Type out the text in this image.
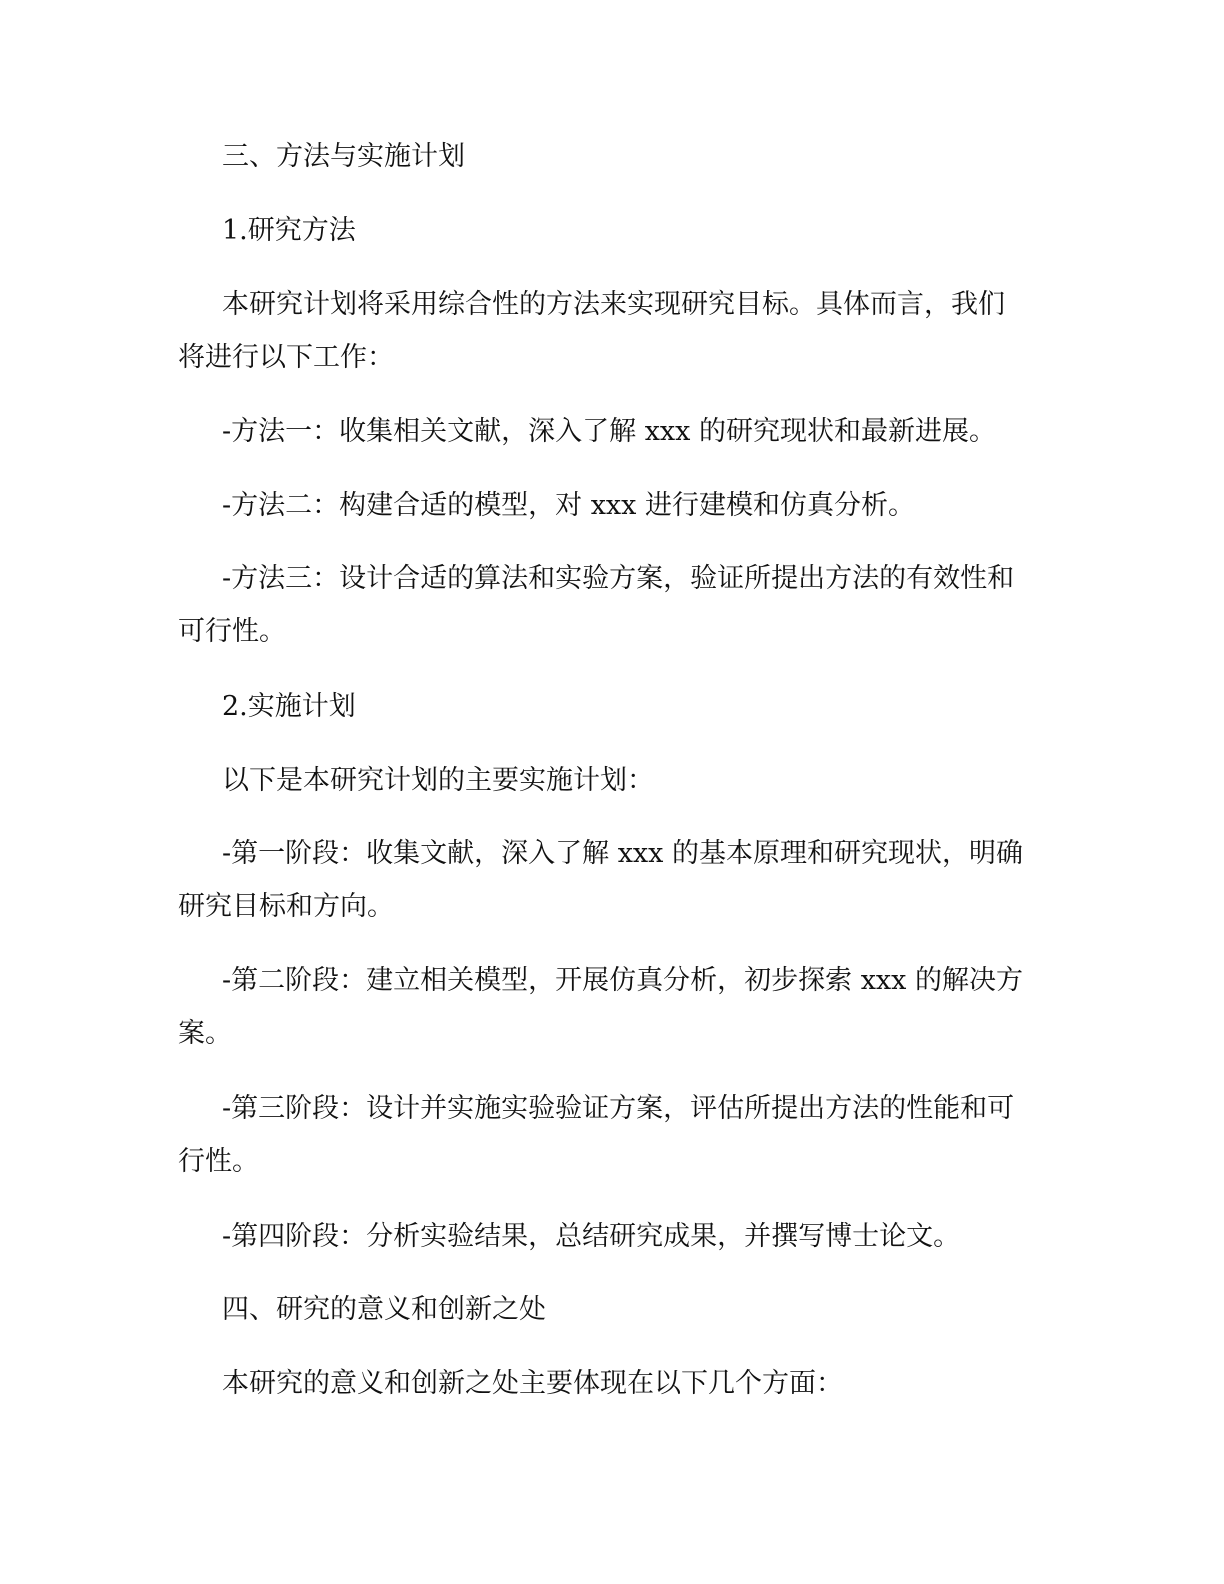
三、方法与实施计划

1.研究方法

本研究计划将采用综合性的方法来实现研究目标。具体而言，我们将进行以下工作：

-方法一：收集相关文献，深入了解 xxx 的研究现状和最新进展。

-方法二：构建合适的模型，对 xxx 进行建模和仿真分析。

-方法三：设计合适的算法和实验方案，验证所提出方法的有效性和可行性。

2.实施计划

以下是本研究计划的主要实施计划：

-第一阶段：收集文献，深入了解 xxx 的基本原理和研究现状，明确研究目标和方向。

-第二阶段：建立相关模型，开展仿真分析，初步探索 xxx 的解决方案。

-第三阶段：设计并实施实验验证方案，评估所提出方法的性能和可行性。

-第四阶段：分析实验结果，总结研究成果，并撰写博士论文。

四、研究的意义和创新之处

本研究的意义和创新之处主要体现在以下几个方面：
